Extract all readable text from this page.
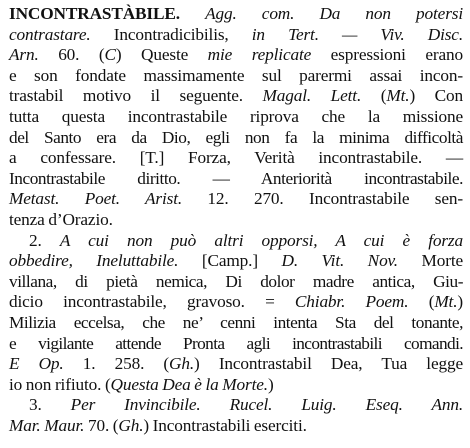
INCONTRASTÀBILE. Agg. com. Da non potersi
contrastare. Incontradicibilis, in Tert. — Viv. Disc.
Arn. 60. (C) Queste mie replicate espressioni erano
e son fondate massimamente sul parermi assai incon-
trastabil motivo il seguente. Magal. Lett. (Mt.) Con
tutta questa incontrastabile riprova che la missione
del Santo era da Dio, egli non fa la minima difficoltà
a confessare. [T.] Forza, Verità incontrastabile. —
Incontrastabile diritto. — Anteriorità incontrastabile.
Metast. Poet. Arist. 12. 270. Incontrastabile sen-
tenza d’Orazio.
2. A cui non può altri opporsi, A cui è forza
obbedire, Ineluttabile. [Camp.] D. Vit. Nov. Morte
villana, di pietà nemica, Di dolor madre antica, Giu-
dicio incontrastabile, gravoso. = Chiabr. Poem. (Mt.)
Milizia eccelsa, che ne’ cenni intenta Sta del tonante,
e vigilante attende Pronta agli incontrastabili comandi.
E Op. 1. 258. (Gh.) Incontrastabil Dea, Tua legge
io non rifiuto. (Questa Dea è la Morte.)
3. Per Invincibile. Rucel. Luig. Eseq. Ann.
Mar. Maur. 70. (Gh.) Incontrastabili eserciti.
